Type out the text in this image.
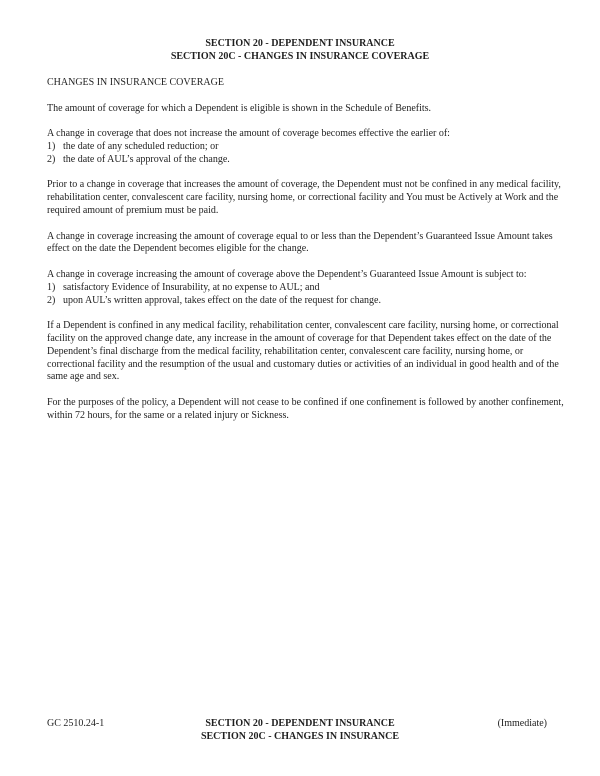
SECTION 20 - DEPENDENT INSURANCE
SECTION 20C - CHANGES IN INSURANCE COVERAGE
CHANGES IN INSURANCE COVERAGE

The amount of coverage for which a Dependent is eligible is shown in the Schedule of Benefits.

A change in coverage that does not increase the amount of coverage becomes effective the earlier of:

1) the date of any scheduled reduction; or
2) the date of AUL’s approval of the change.

Prior to a change in coverage that increases the amount of coverage, the Dependent must not be confined in any medical facility, rehabilitation center, convalescent care facility, nursing home, or correctional facility and You must be Actively at Work and the required amount of premium must be paid.

A change in coverage increasing the amount of coverage equal to or less than the Dependent’s Guaranteed Issue Amount takes effect on the date the Dependent becomes eligible for the change.

A change in coverage increasing the amount of coverage above the Dependent’s Guaranteed Issue Amount is subject to:

1) satisfactory Evidence of Insurability, at no expense to AUL; and
2) upon AUL’s written approval, takes effect on the date of the request for change.

If a Dependent is confined in any medical facility, rehabilitation center, convalescent care facility, nursing home, or correctional facility on the approved change date, any increase in the amount of coverage for that Dependent takes effect on the date of the Dependent’s final discharge from the medical facility, rehabilitation center, convalescent care facility, nursing home, or correctional facility and the resumption of the usual and customary duties or activities of an individual in good health and of the same age and sex.

For the purposes of the policy, a Dependent will not cease to be confined if one confinement is followed by another confinement, within 72 hours, for the same or a related injury or Sickness.

GC 2510.24-1	SECTION 20 - DEPENDENT INSURANCE
SECTION 20C - CHANGES IN INSURANCE
(Immediate)
